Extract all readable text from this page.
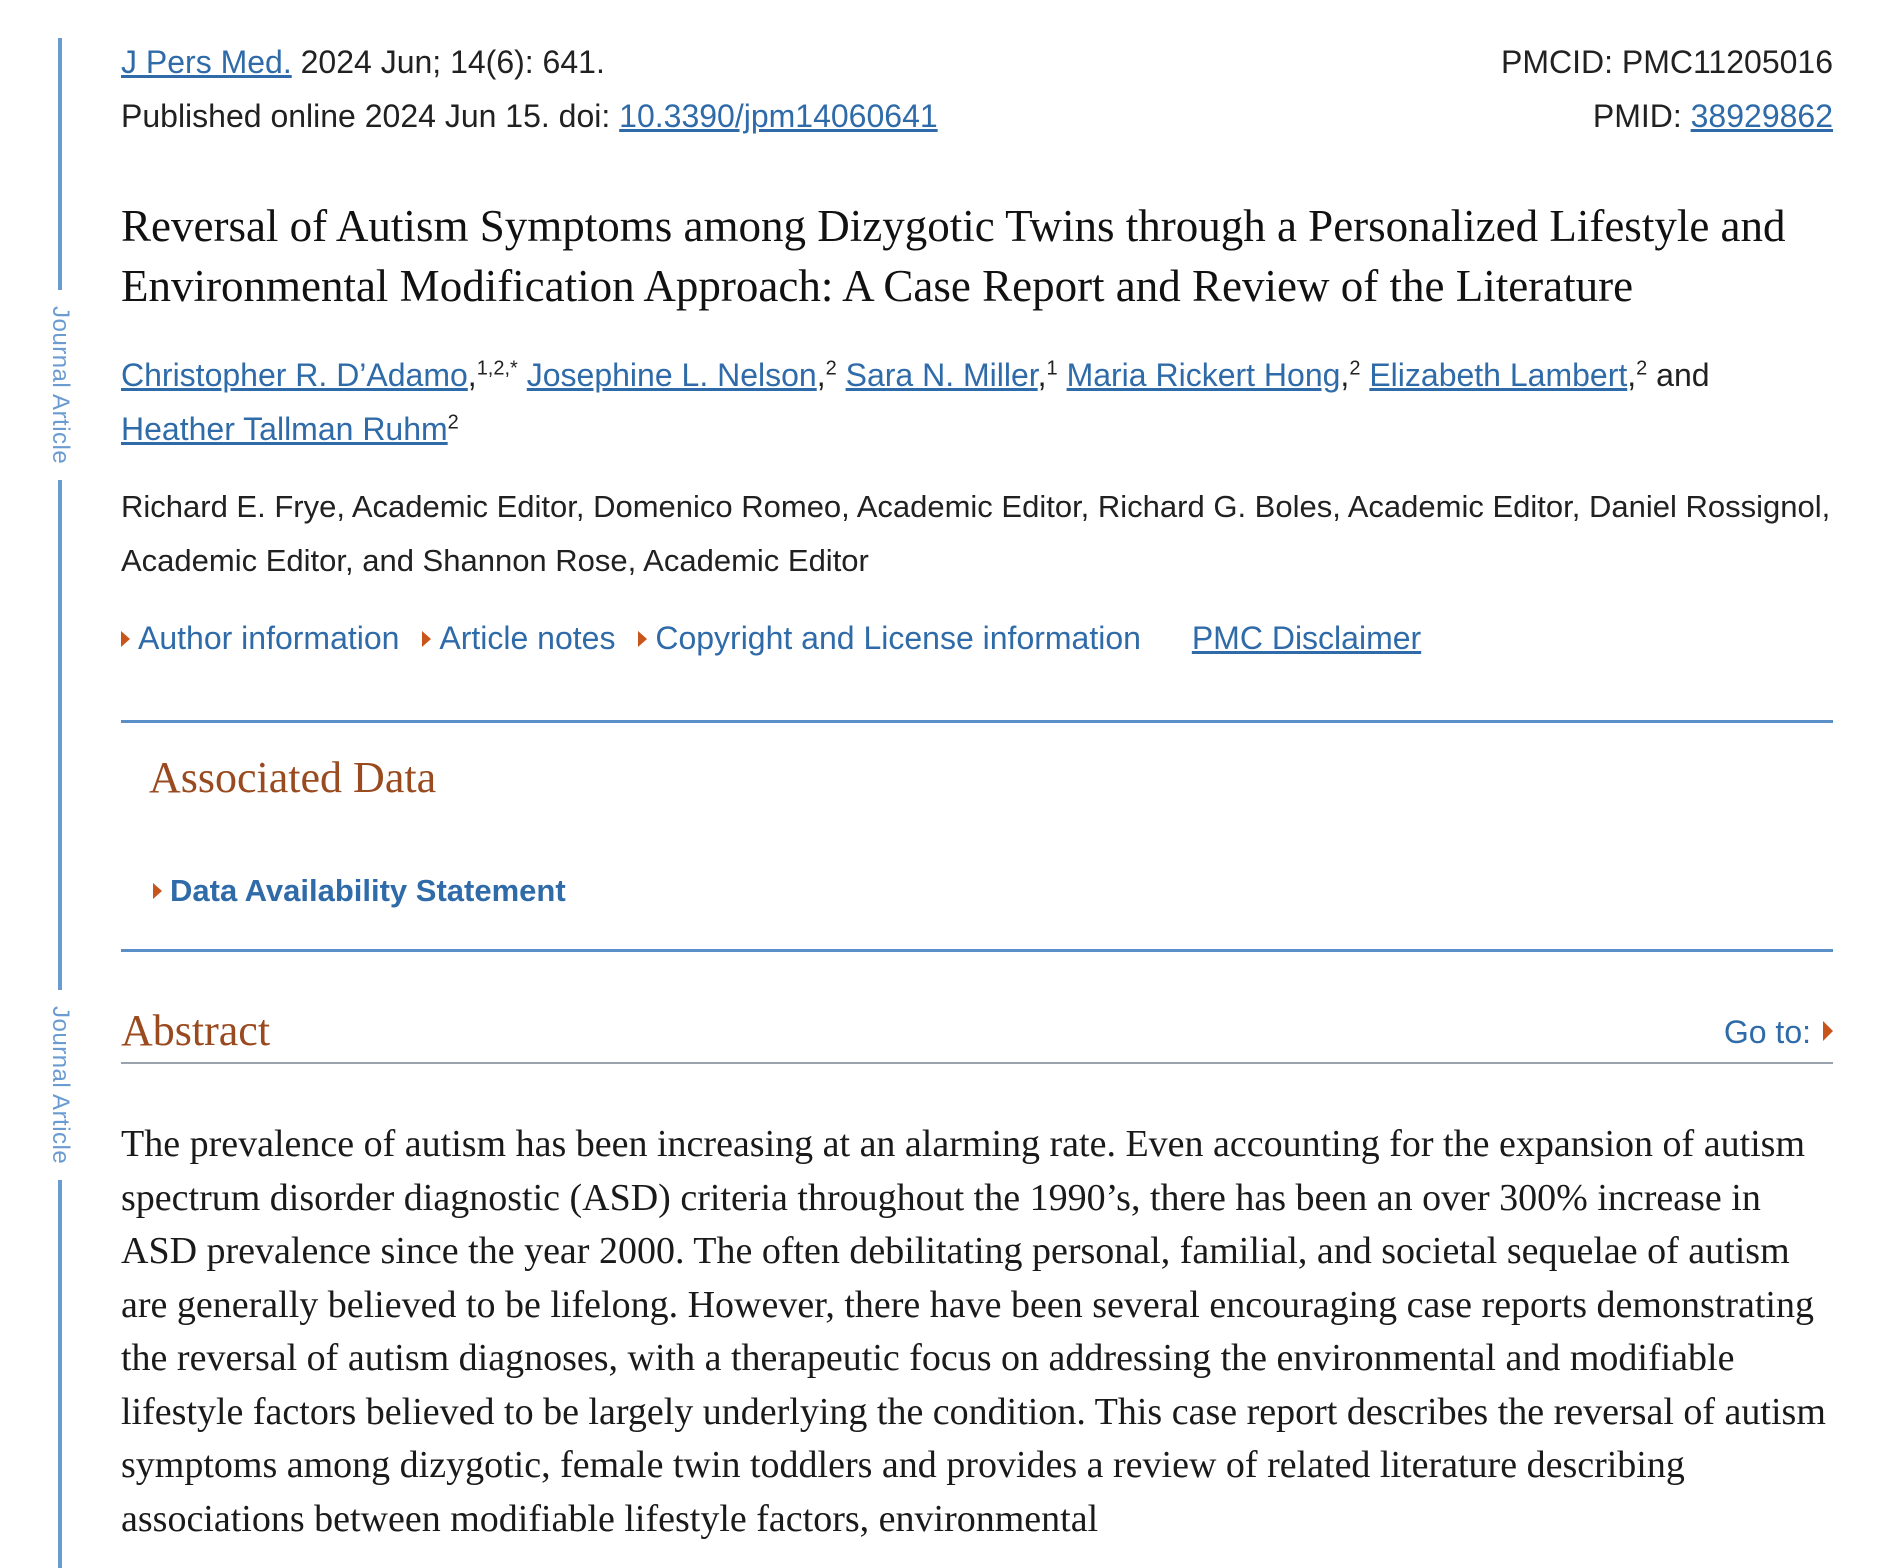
Journal Article
Journal Article
J Pers Med. 2024 Jun; 14(6): 641.	PMCID: PMC11205016
Published online 2024 Jun 15. doi: 10.3390/jpm14060641	PMID: 38929862
Reversal of Autism Symptoms among Dizygotic Twins through a Personalized Lifestyle and Environmental Modification Approach: A Case Report and Review of the Literature
Christopher R. D’Adamo,$^{1,2,*}$ Josephine L. Nelson,$^2$ Sara N. Miller,$^1$ Maria Rickert Hong,$^2$ Elizabeth Lambert,$^2$ and
Heather Tallman Ruhm$^2$
Richard E. Frye, Academic Editor, Domenico Romeo, Academic Editor, Richard G. Boles, Academic Editor, Daniel Rossignol, Academic Editor, and Shannon Rose, Academic Editor
Author information Article notes Copyright and License information PMC Disclaimer
Associated Data
Data Availability Statement
Abstract	Go to:

The prevalence of autism has been increasing at an alarming rate. Even accounting for the expansion of autism spectrum disorder diagnostic (ASD) criteria throughout the 1990’s, there has been an over 300% increase in ASD prevalence since the year 2000. The often debilitating personal, familial, and societal sequelae of autism are generally believed to be lifelong. However, there have been several encouraging case reports demonstrating the reversal of autism diagnoses, with a therapeutic focus on addressing the environmental and modifiable lifestyle factors believed to be largely underlying the condition. This case report describes the reversal of autism symptoms among dizygotic, female twin toddlers and provides a review of related literature describing associations between modifiable lifestyle factors, environmental
